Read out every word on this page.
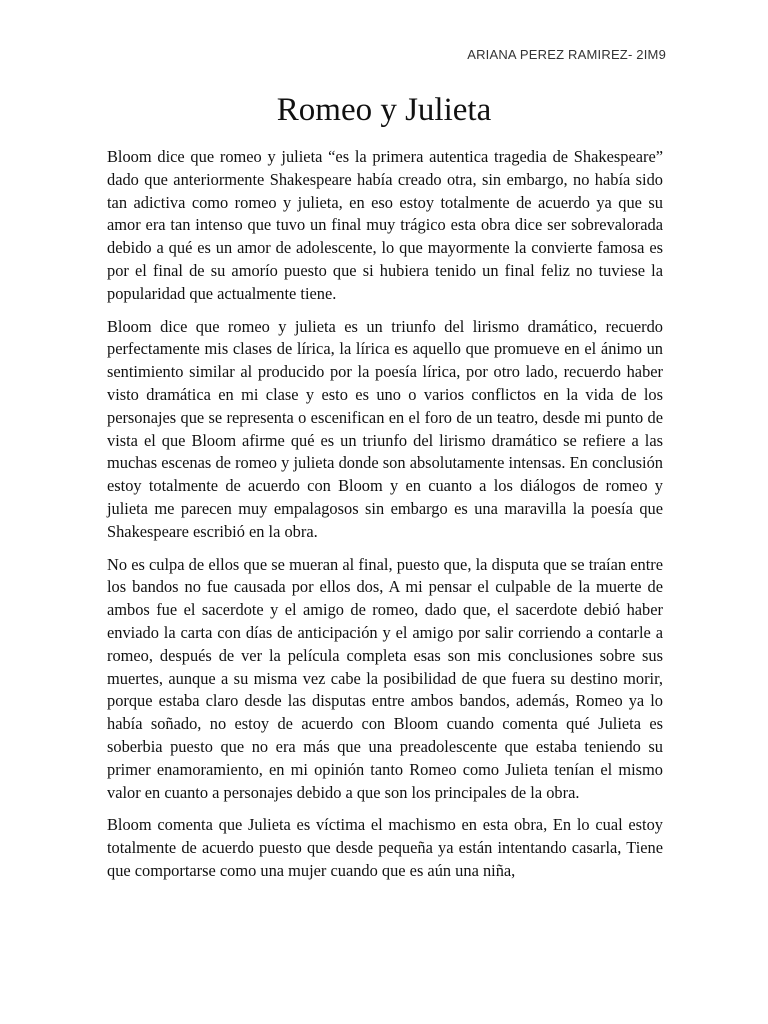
ARIANA PEREZ RAMIREZ- 2IM9
Romeo y Julieta

Bloom dice que romeo y julieta “es la primera autentica tragedia de Shakespeare” dado que anteriormente Shakespeare había creado otra, sin embargo, no había sido tan adictiva como romeo y julieta, en eso estoy totalmente de acuerdo ya que su amor era tan intenso que tuvo un final muy trágico esta obra dice ser sobrevalorada debido a qué es un amor de adolescente, lo que mayormente la convierte famosa es por el final de su amorío puesto que si hubiera tenido un final feliz no tuviese la popularidad que actualmente tiene.

Bloom dice que romeo y julieta es un triunfo del lirismo dramático, recuerdo perfectamente mis clases de lírica, la lírica es aquello que promueve en el ánimo un sentimiento similar al producido por la poesía lírica, por otro lado, recuerdo haber visto dramática en mi clase y esto es uno o varios conflictos en la vida de los personajes que se representa o escenifican en el foro de un teatro, desde mi punto de vista el que Bloom afirme qué es un triunfo del lirismo dramático se refiere a las muchas escenas de romeo y julieta donde son absolutamente intensas. En conclusión estoy totalmente de acuerdo con Bloom y en cuanto a los diálogos de romeo y julieta me parecen muy empalagosos sin embargo es una maravilla la poesía que Shakespeare escribió en la obra.

No es culpa de ellos que se mueran al final, puesto que, la disputa que se traían entre los bandos no fue causada por ellos dos, A mi pensar el culpable de la muerte de ambos fue el sacerdote y el amigo de romeo, dado que, el sacerdote debió haber enviado la carta con días de anticipación y el amigo por salir corriendo a contarle a romeo, después de ver la película completa esas son mis conclusiones sobre sus muertes, aunque a su misma vez cabe la posibilidad de que fuera su destino morir, porque estaba claro desde las disputas entre ambos bandos, además, Romeo ya lo había soñado, no estoy de acuerdo con Bloom cuando comenta qué Julieta es soberbia puesto que no era más que una preadolescente que estaba teniendo su primer enamoramiento, en mi opinión tanto Romeo como Julieta tenían el mismo valor en cuanto a personajes debido a que son los principales de la obra.

Bloom comenta que Julieta es víctima el machismo en esta obra, En lo cual estoy totalmente de acuerdo puesto que desde pequeña ya están intentando casarla, Tiene que comportarse como una mujer cuando que es aún una niña,
